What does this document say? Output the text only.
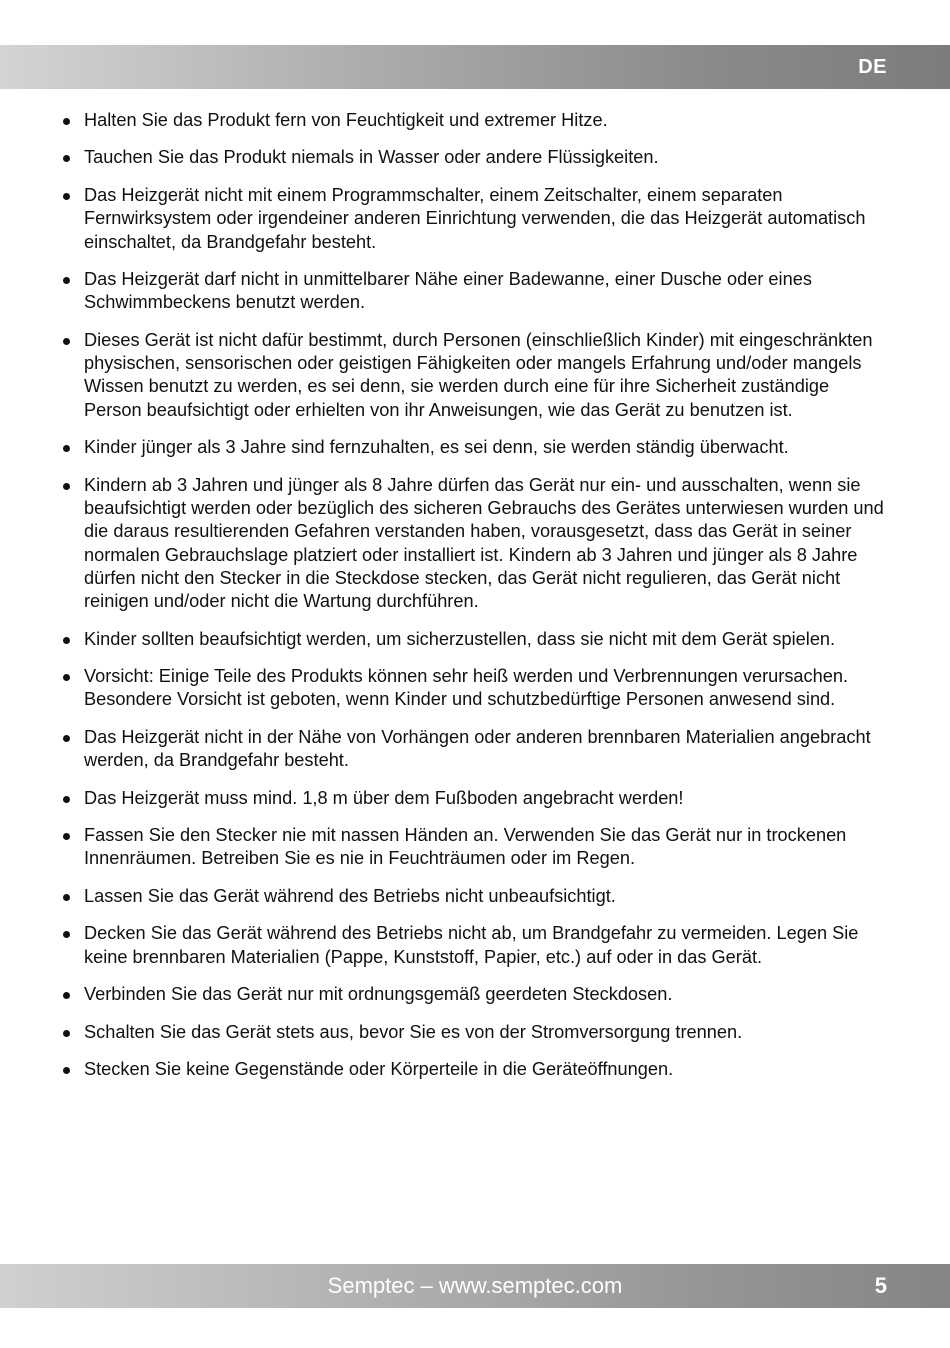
DE
Halten Sie das Produkt fern von Feuchtigkeit und extremer Hitze.
Tauchen Sie das Produkt niemals in Wasser oder andere Flüssigkeiten.
Das Heizgerät nicht mit einem Programmschalter, einem Zeitschalter, einem separaten Fernwirksystem oder irgendeiner anderen Einrichtung verwenden, die das Heizgerät automatisch einschaltet, da Brandgefahr besteht.
Das Heizgerät darf nicht in unmittelbarer Nähe einer Badewanne, einer Dusche oder eines Schwimmbeckens benutzt werden.
Dieses Gerät ist nicht dafür bestimmt, durch Personen (einschließlich Kinder) mit eingeschränkten physischen, sensorischen oder geistigen Fähigkeiten oder mangels Erfahrung und/oder mangels Wissen benutzt zu werden, es sei denn, sie werden durch eine für ihre Sicherheit zuständige Person beaufsichtigt oder erhielten von ihr Anweisungen, wie das Gerät zu benutzen ist.
Kinder jünger als 3 Jahre sind fernzuhalten, es sei denn, sie werden ständig überwacht.
Kindern ab 3 Jahren und jünger als 8 Jahre dürfen das Gerät nur ein- und ausschalten, wenn sie beaufsichtigt werden oder bezüglich des sicheren Gebrauchs des Gerätes unterwiesen wurden und die daraus resultierenden Gefahren verstanden haben, vorausgesetzt, dass das Gerät in seiner normalen Gebrauchslage platziert oder installiert ist. Kindern ab 3 Jahren und jünger als 8 Jahre dürfen nicht den Stecker in die Steckdose stecken, das Gerät nicht regulieren, das Gerät nicht reinigen und/oder nicht die Wartung durchführen.
Kinder sollten beaufsichtigt werden, um sicherzustellen, dass sie nicht mit dem Gerät spielen.
Vorsicht: Einige Teile des Produkts können sehr heiß werden und Verbrennungen verursachen. Besondere Vorsicht ist geboten, wenn Kinder und schutzbedürftige Personen anwesend sind.
Das Heizgerät nicht in der Nähe von Vorhängen oder anderen brennbaren Materialien angebracht werden, da Brandgefahr besteht.
Das Heizgerät muss mind. 1,8 m über dem Fußboden angebracht werden!
Fassen Sie den Stecker nie mit nassen Händen an. Verwenden Sie das Gerät nur in trockenen Innenräumen. Betreiben Sie es nie in Feuchträumen oder im Regen.
Lassen Sie das Gerät während des Betriebs nicht unbeaufsichtigt.
Decken Sie das Gerät während des Betriebs nicht ab, um Brandgefahr zu vermeiden. Legen Sie keine brennbaren Materialien (Pappe, Kunststoff, Papier, etc.) auf oder in das Gerät.
Verbinden Sie das Gerät nur mit ordnungsgemäß geerdeten Steckdosen.
Schalten Sie das Gerät stets aus, bevor Sie es von der Stromversorgung trennen.
Stecken Sie keine Gegenstände oder Körperteile in die Geräteöffnungen.
Semptec – www.semptec.com	5
